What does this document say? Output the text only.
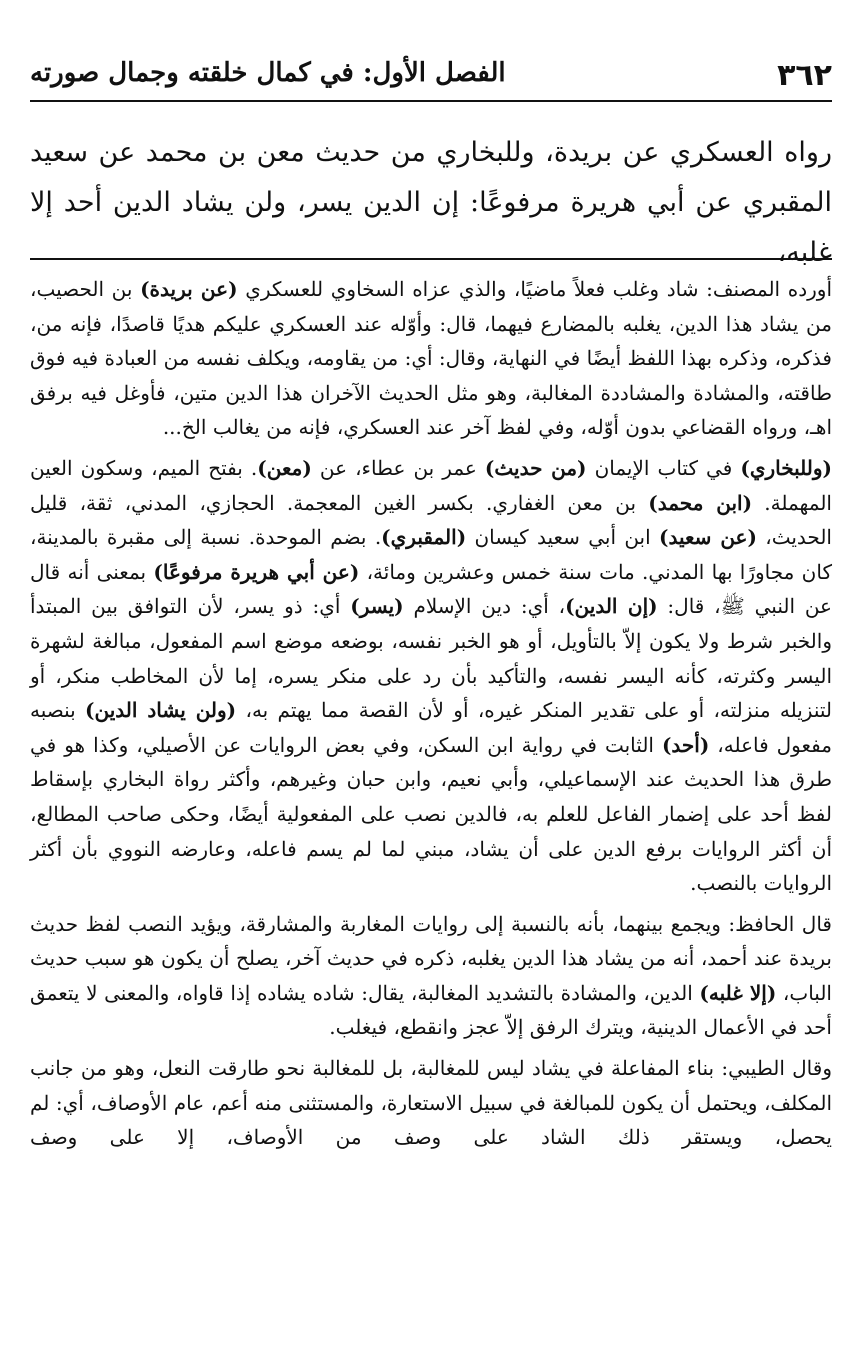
٣٦٢
الفصل الأول: في كمال خلقته وجمال صورته

رواه العسكري عن بريدة، وللبخاري من حديث معن بن محمد عن سعيد

المقبري عن أبي هريرة مرفوعًا: إن الدين يسر، ولن يشاد الدين أحد إلا غلبه،

أورده المصنف: شاد وغلب فعلاً ماضيًا، والذي عزاه السخاوي للعسكري (عن بريدة) بن الحصيب، من يشاد هذا الدين، يغلبه بالمضارع فيهما، قال: وأوّله عند العسكري عليكم هديًا قاصدًا، فإنه من، فذكره، وذكره بهذا اللفظ أيضًا في النهاية، وقال: أي: من يقاومه، ويكلف نفسه من العبادة فيه فوق طاقته، والمشادة والمشاددة المغالبة، وهو مثل الحديث الآخران هذا الدين متين، فأوغل فيه برفق اهـ، ورواه القضاعي بدون أوّله، وفي لفظ آخر عند العسكري، فإنه من يغالب الخ...

(وللبخاري) في كتاب الإيمان (من حديث) عمر بن عطاء، عن (معن). بفتح الميم، وسكون العين المهملة. (ابن محمد) بن معن الغفاري. بكسر الغين المعجمة. الحجازي، المدني، ثقة، قليل الحديث، (عن سعيد) ابن أبي سعيد كيسان (المقبري). بضم الموحدة. نسبة إلى مقبرة بالمدينة، كان مجاورًا بها المدني. مات سنة خمس وعشرين ومائة، (عن أبي هريرة مرفوعًا) بمعنى أنه قال عن النبي ﷺ، قال: (إن الدين)، أي: دين الإسلام (يسر) أي: ذو يسر، لأن التوافق بين المبتدأ والخبر شرط ولا يكون إلاّ بالتأويل، أو هو الخبر نفسه، بوضعه موضع اسم المفعول، مبالغة لشهرة اليسر وكثرته، كأنه اليسر نفسه، والتأكيد بأن رد على منكر يسره، إما لأن المخاطب منكر، أو لتنزيله منزلته، أو على تقدير المنكر غيره، أو لأن القصة مما يهتم به، (ولن يشاد الدين) بنصبه مفعول فاعله، (أحد) الثابت في رواية ابن السكن، وفي بعض الروايات عن الأصيلي، وكذا هو في طرق هذا الحديث عند الإسماعيلي، وأبي نعيم، وابن حبان وغيرهم، وأكثر رواة البخاري بإسقاط لفظ أحد على إضمار الفاعل للعلم به، فالدين نصب على المفعولية أيضًا، وحكى صاحب المطالع، أن أكثر الروايات برفع الدين على أن يشاد، مبني لما لم يسم فاعله، وعارضه النووي بأن أكثر الروايات بالنصب.

قال الحافظ: ويجمع بينهما، بأنه بالنسبة إلى روايات المغاربة والمشارقة، ويؤيد النصب لفظ حديث بريدة عند أحمد، أنه من يشاد هذا الدين يغلبه، ذكره في حديث آخر، يصلح أن يكون هو سبب حديث الباب، (إلا غلبه) الدين، والمشادة بالتشديد المغالبة، يقال: شاده يشاده إذا قاواه، والمعنى لا يتعمق أحد في الأعمال الدينية، ويترك الرفق إلاّ عجز وانقطع، فيغلب.

وقال الطيبي: بناء المفاعلة في يشاد ليس للمغالبة، بل للمغالبة نحو طارقت النعل، وهو من جانب المكلف، ويحتمل أن يكون للمبالغة في سبيل الاستعارة، والمستثنى منه أعم، عام الأوصاف، أي: لم يحصل، ويستقر ذلك الشاد على وصف من الأوصاف، إلا على وصف
